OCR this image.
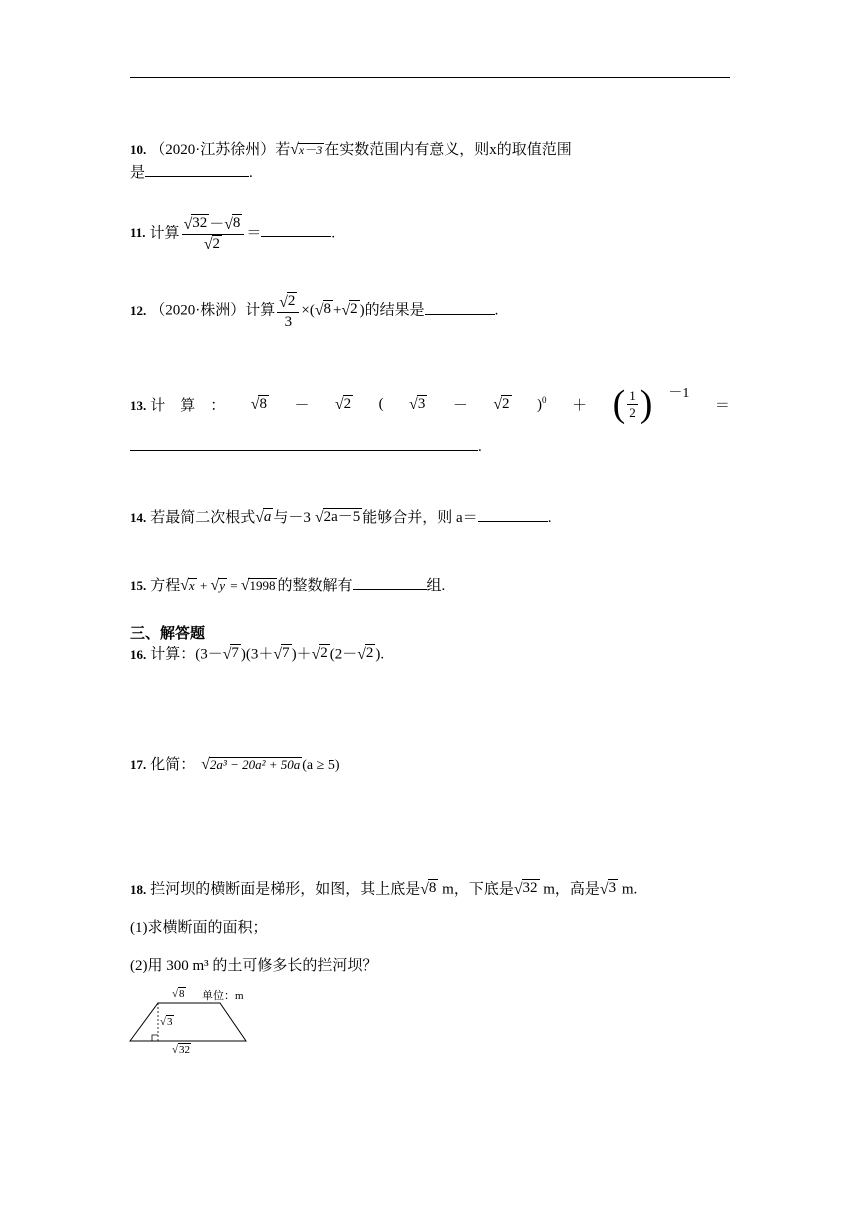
10. （2020·江苏徐州）若 √ x－3 在实数范围内有意义，则x的取值范围
是	.
11. 计算 $\frac{√ 32 - √ 8}{√ 2}$ ＝	.
12. （2020·株洲）计算 $\frac{√ 2}{3}$ ×( √ 8 + √ 2 )的结果是	.
13. 计　算　： √ 8 － √ 2 ( √ 3 － √ 2 )$^0$ ＋ ( $\frac{1}{2}$ ) －1
＝
.
14. 若最简二次根式 √ a 与－3 √ 2a－5 能够合并，则 a＝	.
15. 方程 √ x + √ y = √ 1998 的整数解有	组.
三、解答题
16. 计算：(3－ √ 7 )(3＋ √ 7 )＋ √ 2 (2－ √ 2 ).
17. 化简： √ 2a³ − 20a² + 50a (a ≥ 5)
18. 拦河坝的横断面是梯形，如图，其上底是 √ 8 m，下底是 √ 32 m，高是 √ 3 m.
(1)求横断面的面积；
(2)用 300 m³ 的土可修多长的拦河坝？
√ 8 单位：m
√ 3
√ 32
